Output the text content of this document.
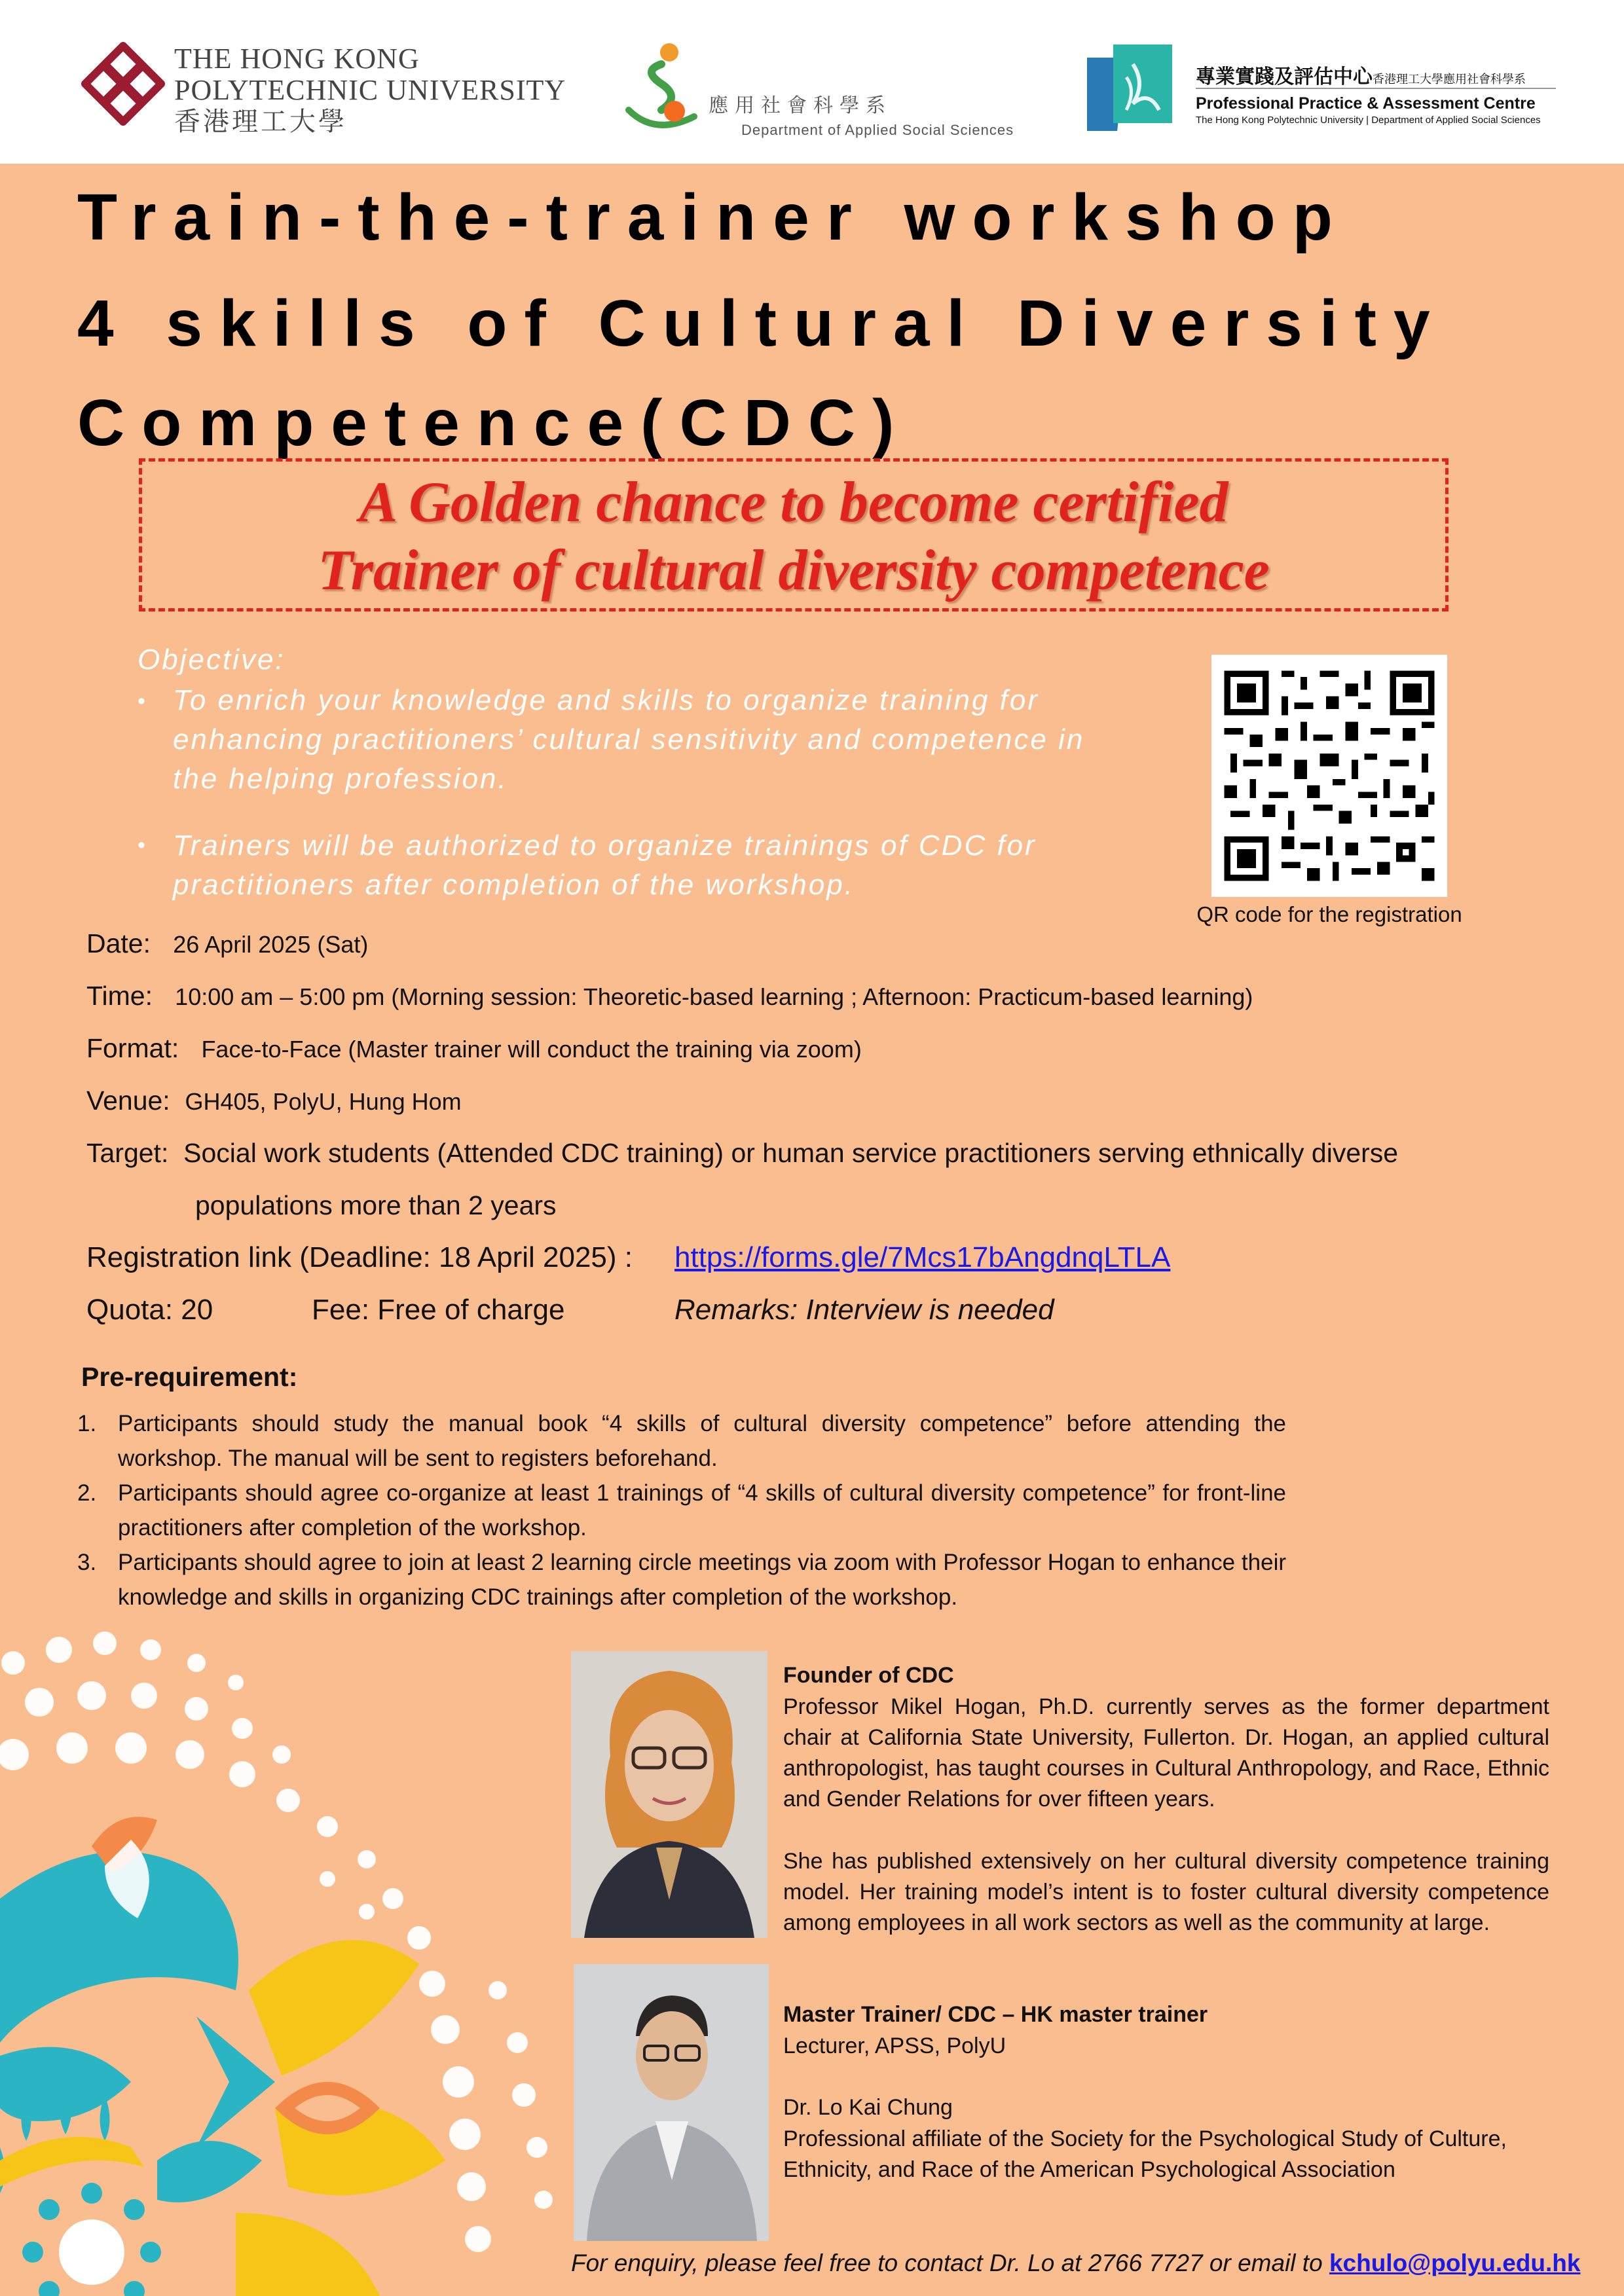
THE HONG KONG
POLYTECHNIC UNIVERSITY
香港理工大學
應用社會科學系
Department of Applied Social Sciences
專業實踐及評估中心香港理工大學應用社會科學系
Professional Practice & Assessment Centre
The Hong Kong Polytechnic University | Department of Applied Social Sciences
Train-the-trainer workshop
4 skills of Cultural Diversity
Competence(CDC)
A Golden chance to become certified
Trainer of cultural diversity competence
Objective:
• To enrich your knowledge and skills to organize training for
enhancing practitioners’ cultural sensitivity and competence in
the helping profession.
• Trainers will be authorized to organize trainings of CDC for
practitioners after completion of the workshop.
QR code for the registration
Date: 26 April 2025 (Sat)
Time: 10:00 am – 5:00 pm (Morning session: Theoretic-based learning ; Afternoon: Practicum-based learning)
Format: Face-to-Face (Master trainer will conduct the training via zoom)
Venue: GH405, PolyU, Hung Hom
Target: Social work students (Attended CDC training) or human service practitioners serving ethnically diverse
populations more than 2 years
Registration link (Deadline: 18 April 2025) : https://forms.gle/7Mcs17bAngdnqLTLA
Quota: 20	Fee: Free of charge	Remarks: Interview is needed
Pre-requirement:
1. Participants should study the manual book “4 skills of cultural diversity competence” before attending the workshop. The manual will be sent to registers beforehand.
2. Participants should agree co-organize at least 1 trainings of “4 skills of cultural diversity competence” for front-line practitioners after completion of the workshop.
3. Participants should agree to join at least 2 learning circle meetings via zoom with Professor Hogan to enhance their knowledge and skills in organizing CDC trainings after completion of the workshop.
Founder of CDC
Professor Mikel Hogan, Ph.D. currently serves as the former department chair at California State University, Fullerton. Dr. Hogan, an applied cultural anthropologist, has taught courses in Cultural Anthropology, and Race, Ethnic and Gender Relations for over fifteen years.
She has published extensively on her cultural diversity competence training model. Her training model’s intent is to foster cultural diversity competence among employees in all work sectors as well as the community at large.
Master Trainer/ CDC – HK master trainer
Lecturer, APSS, PolyU
Dr. Lo Kai Chung
Professional affiliate of the Society for the Psychological Study of Culture, Ethnicity, and Race of the American Psychological Association
For enquiry, please feel free to contact Dr. Lo at 2766 7727 or email to kchulo@polyu.edu.hk
